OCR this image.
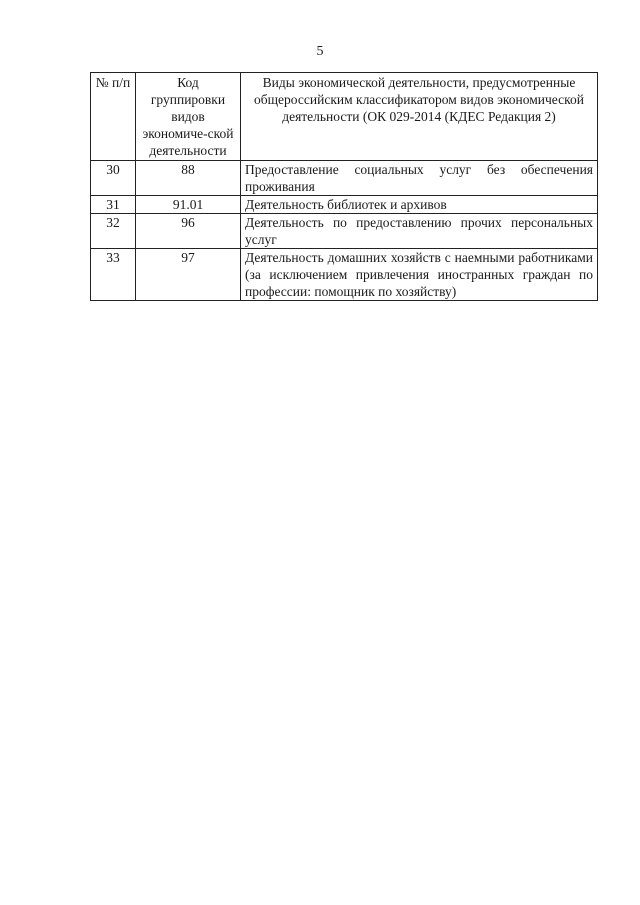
5
№ п/п	Код группировки видов экономиче-ской деятельности	Виды экономической деятельности, предусмотренные общероссийским классификатором видов экономической деятельности (ОК 029-2014 (КДЕС Редакция 2)
30	88	Предоставление социальных услуг без обеспечения проживания
31	91.01	Деятельность библиотек и архивов
32	96	Деятельность по предоставлению прочих персональных услуг
33	97	Деятельность домашних хозяйств с наемными работниками (за исключением привлечения иностранных граждан по профессии: помощник по хозяйству)
